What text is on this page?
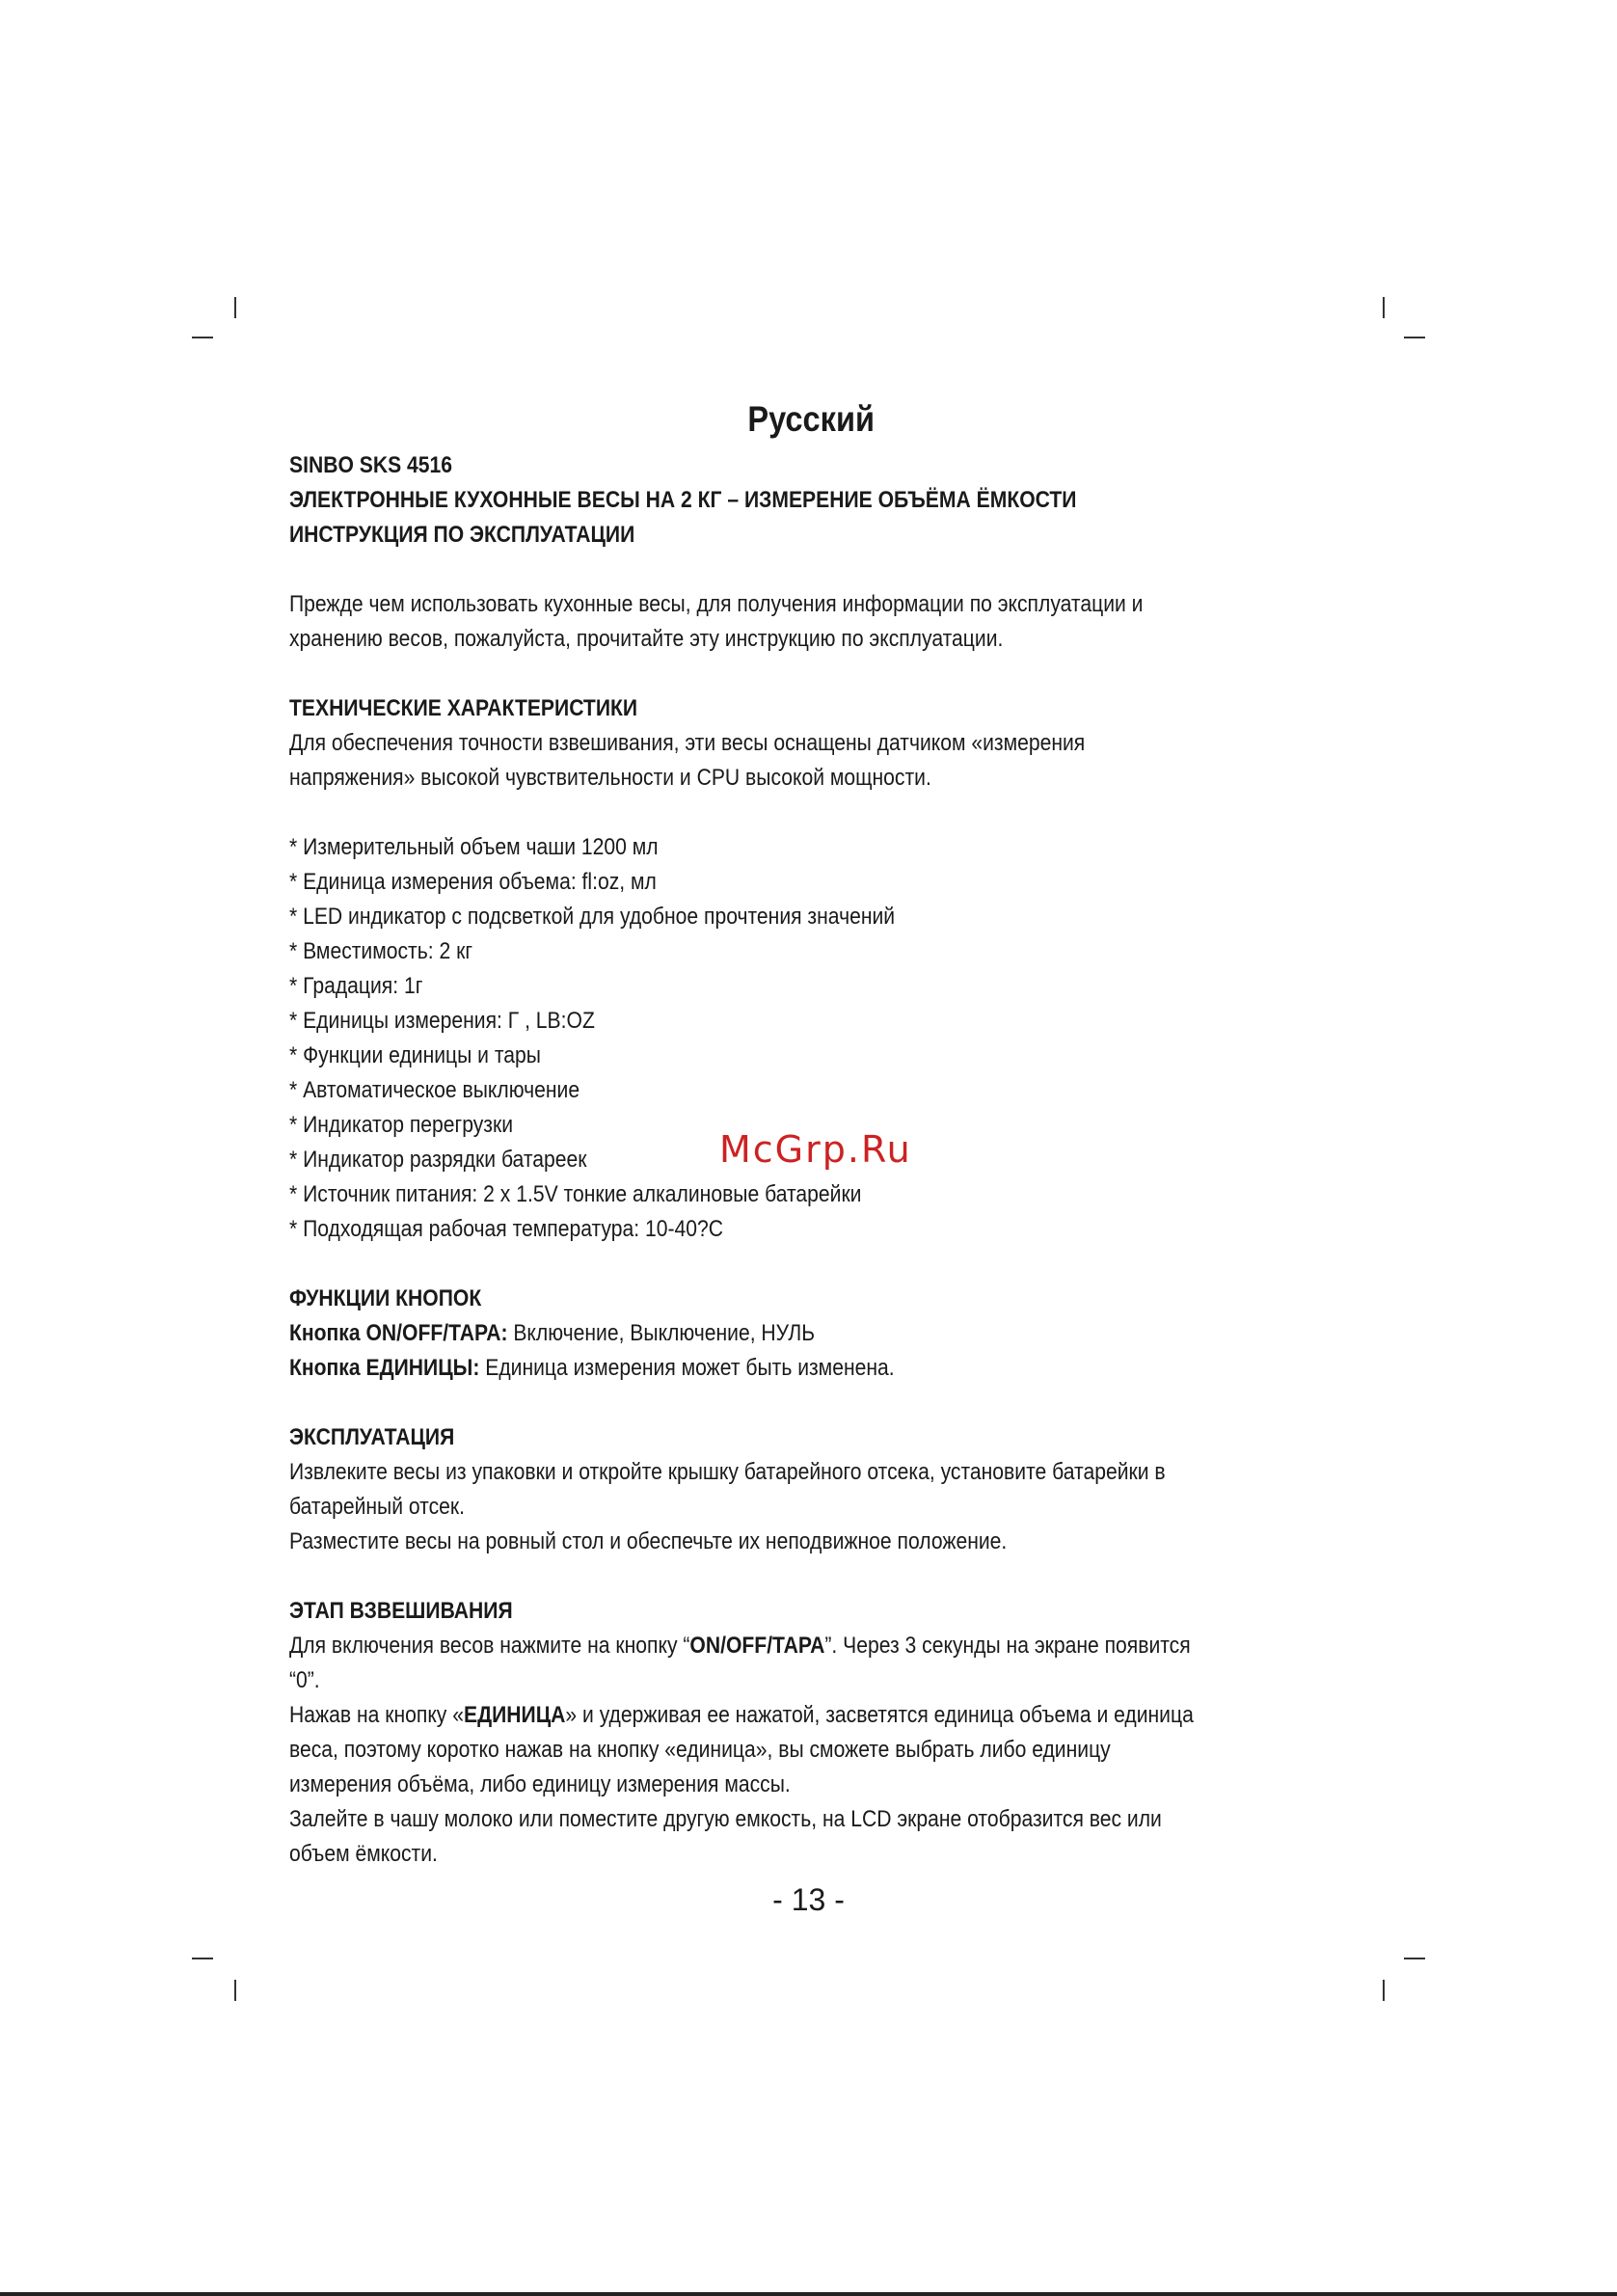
Русский

SINBO SKS 4516

ЭЛЕКТРОННЫЕ КУХОННЫЕ ВЕСЫ НА 2 КГ – ИЗМЕРЕНИЕ ОБЪЁМА ЁМКОСТИ

ИНСТРУКЦИЯ ПО ЭКСПЛУАТАЦИИ

Прежде чем использовать кухонные весы, для получения информации по эксплуатации и хранению весов, пожалуйста, прочитайте эту инструкцию по эксплуатации.

ТЕХНИЧЕСКИЕ ХАРАКТЕРИСТИКИ

Для обеспечения точности взвешивания, эти весы оснащены датчиком «измерения напряжения» высокой чувствительности и CPU высокой мощности.

* Измерительный объем чаши 1200 мл
* Единица измерения объема: fl:oz, мл
* LED индикатор с подсветкой для удобное прочтения значений
* Вместимость: 2 кг
* Градация: 1г
* Единицы измерения: Г , LB:OZ
* Функции единицы и тары
* Автоматическое выключение
* Индикатор перегрузки
* Индикатор разрядки батареек
* Источник питания: 2 х 1.5V тонкие алкалиновые батарейки
* Подходящая рабочая температура: 10-40?C

ФУНКЦИИ КНОПОК

Кнопка ON/OFF/ТАРА: Включение, Выключение, НУЛЬ

Кнопка ЕДИНИЦЫ: Единица измерения может быть изменена.

ЭКСПЛУАТАЦИЯ

Извлеките весы из упаковки и откройте крышку батарейного отсека, установите батарейки в батарейный отсек.

Разместите весы на ровный стол и обеспечьте их неподвижное положение.

ЭТАП ВЗВЕШИВАНИЯ

Для включения весов нажмите на кнопку “ON/OFF/ТАРА”. Через 3 секунды на экране появится “0”.

Нажав на кнопку «ЕДИНИЦА» и удерживая ее нажатой, засветятся единица объема и единица веса, поэтому коротко нажав на кнопку «единица», вы сможете выбрать либо единицу измерения объёма, либо единицу измерения массы.

Залейте в чашу молоко или поместите другую емкость, на LCD экране отобразится вес или объем ёмкости.

McGrp.Ru
- 13 -
